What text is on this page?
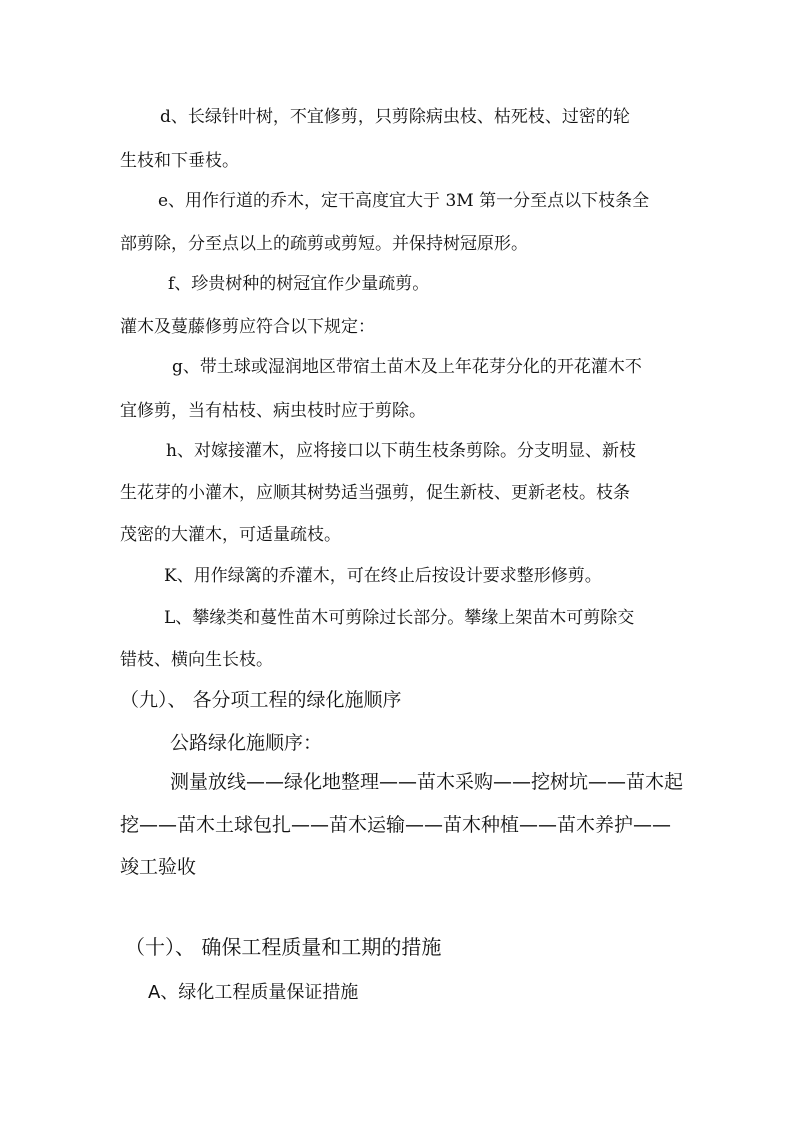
d、长绿针叶树，不宜修剪，只剪除病虫枝、枯死枝、过密的轮
生枝和下垂枝。
e、用作行道的乔木，定干高度宜大于 3M 第一分至点以下枝条全
部剪除，分至点以上的疏剪或剪短。并保持树冠原形。
f、珍贵树种的树冠宜作少量疏剪。
灌木及蔓藤修剪应符合以下规定：
g、带土球或湿润地区带宿土苗木及上年花芽分化的开花灌木不
宜修剪，当有枯枝、病虫枝时应于剪除。
h、对嫁接灌木，应将接口以下萌生枝条剪除。分支明显、新枝
生花芽的小灌木，应顺其树势适当强剪，促生新枝、更新老枝。枝条
茂密的大灌木，可适量疏枝。
K、用作绿篱的乔灌木，可在终止后按设计要求整形修剪。
L、攀缘类和蔓性苗木可剪除过长部分。攀缘上架苗木可剪除交
错枝、横向生长枝。
（九）、 各分项工程的绿化施顺序
公路绿化施顺序：
测量放线——绿化地整理——苗木采购——挖树坑——苗木起
挖——苗木土球包扎——苗木运输——苗木种植——苗木养护——
竣工验收
（十）、 确保工程质量和工期的措施
A、绿化工程质量保证措施
